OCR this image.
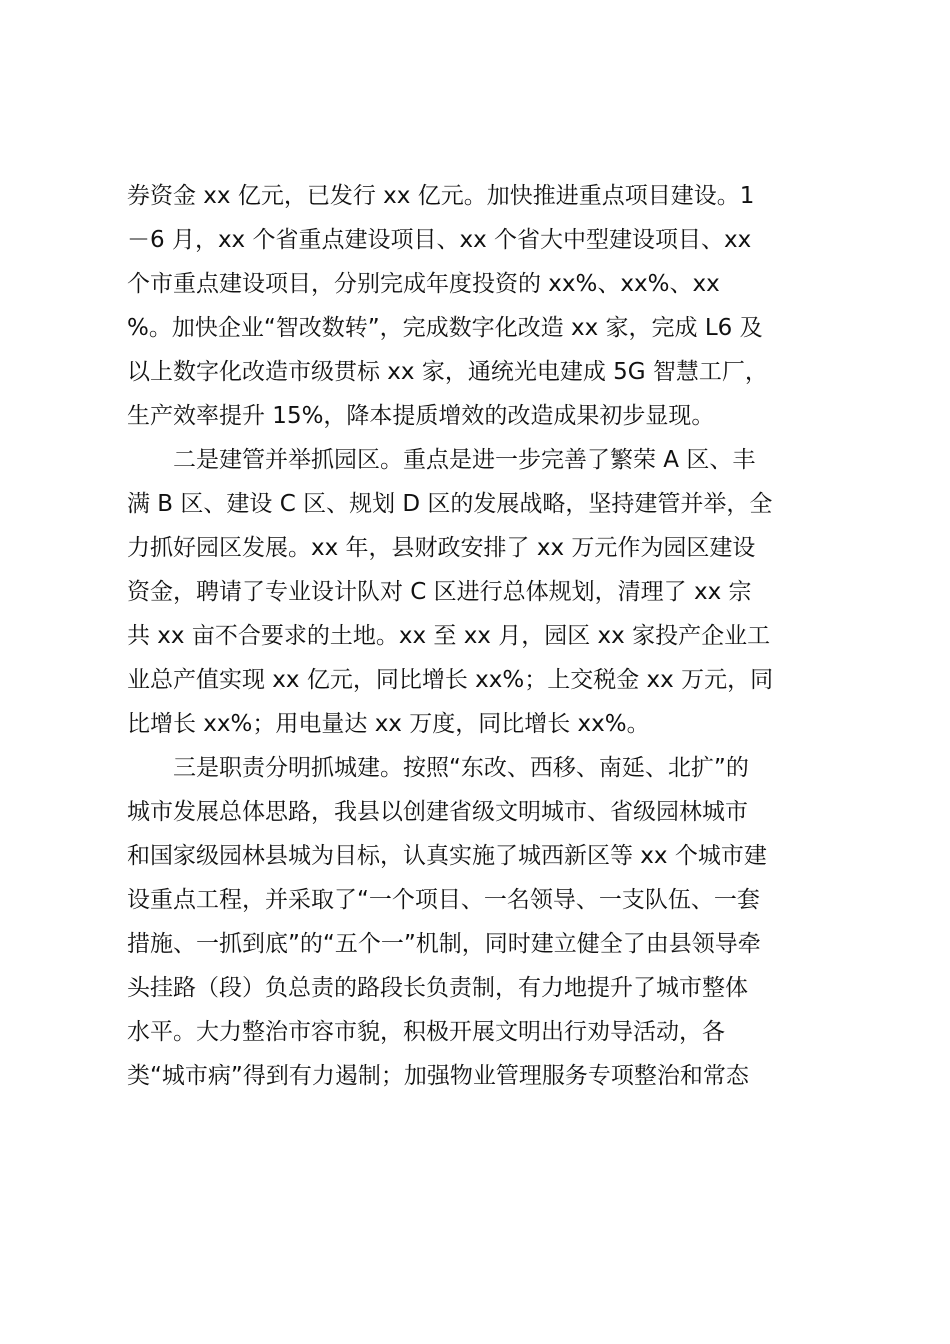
券资金 xx 亿元，已发行 xx 亿元。加快推进重点项目建设。1
－6 月，xx 个省重点建设项目、xx 个省大中型建设项目、xx
个市重点建设项目，分别完成年度投资的 xx%、xx%、xx
%。加快企业“智改数转”，完成数字化改造 xx 家，完成 L6 及
以上数字化改造市级贯标 xx 家，通统光电建成 5G 智慧工厂，
生产效率提升 15%，降本提质增效的改造成果初步显现。
二是建管并举抓园区。重点是进一步完善了繁荣 A 区、丰
满 B 区、建设 C 区、规划 D 区的发展战略，坚持建管并举，全
力抓好园区发展。xx 年，县财政安排了 xx 万元作为园区建设
资金，聘请了专业设计队对 C 区进行总体规划，清理了 xx 宗
共 xx 亩不合要求的土地。xx 至 xx 月，园区 xx 家投产企业工
业总产值实现 xx 亿元，同比增长 xx%；上交税金 xx 万元，同
比增长 xx%；用电量达 xx 万度，同比增长 xx%。
三是职责分明抓城建。按照“东改、西移、南延、北扩”的
城市发展总体思路，我县以创建省级文明城市、省级园林城市
和国家级园林县城为目标，认真实施了城西新区等 xx 个城市建
设重点工程，并采取了“一个项目、一名领导、一支队伍、一套
措施、一抓到底”的“五个一”机制，同时建立健全了由县领导牵
头挂路（段）负总责的路段长负责制，有力地提升了城市整体
水平。大力整治市容市貌，积极开展文明出行劝导活动，各
类“城市病”得到有力遏制；加强物业管理服务专项整治和常态
